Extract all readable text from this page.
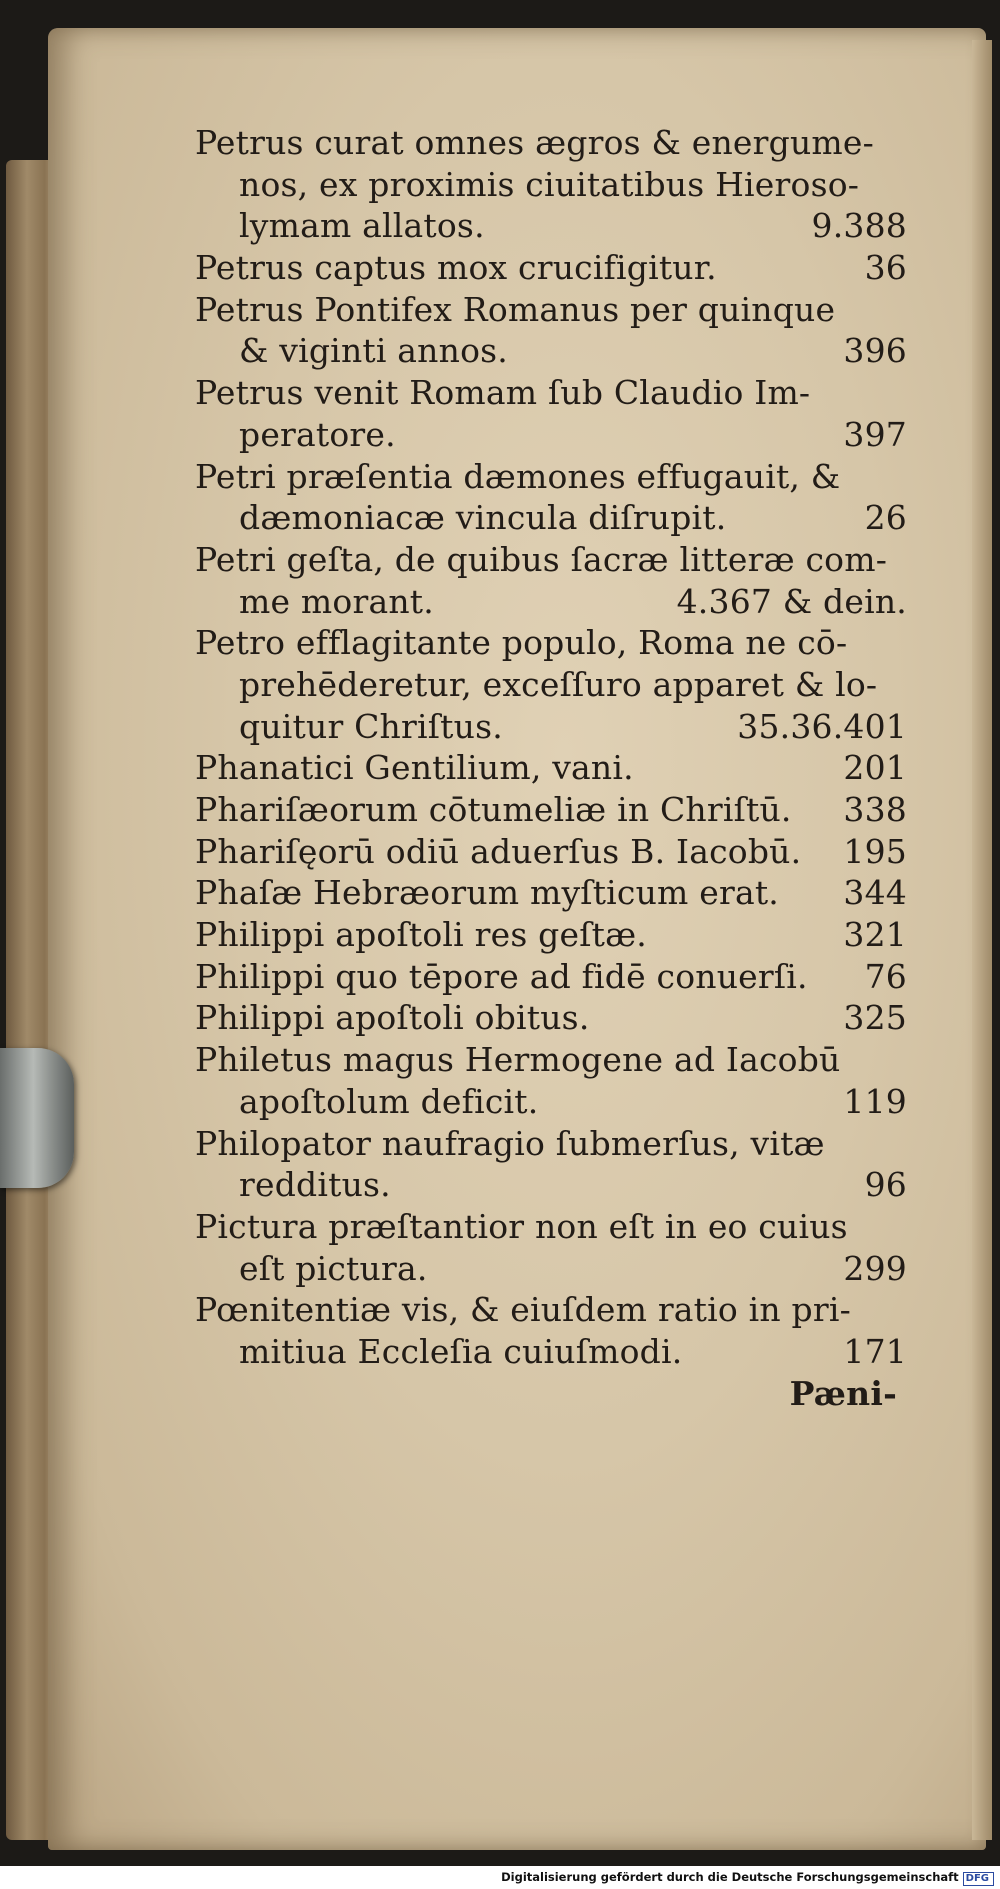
Petrus curat omnes ægros & energume-
nos, ex proximis ciuitatibus Hieroso-
lymam allatos.	9.388
Petrus captus mox crucifigitur.	36
Petrus Pontifex Romanus per quinque
& viginti annos.	396
Petrus venit Romam ſub Claudio Im-
peratore.	397
Petri præſentia dæmones effugauit, &
dæmoniacæ vincula diſrupit.	26
Petri geſta, de quibus ſacræ litteræ com-
me morant.	4.367 & dein.
Petro efflagitante populo, Roma ne cō-
prehēderetur, exceſſuro apparet & lo-
quitur Chriſtus.	35.36.401
Phanatici Gentilium, vani.	201
Phariſæorum cōtumeliæ in Chriſtū. 338
Phariſęorū odiū aduerſus B. Iacobū. 195
Phaſæ Hebræorum myſticum erat. 344
Philippi apoſtoli res geſtæ.	321
Philippi quo tēpore ad fidē conuerſi. 76
Philippi apoſtoli obitus.	325
Philetus magus Hermogene ad Iacobū
apoſtolum deficit.	119
Philopator naufragio ſubmerſus, vitæ
redditus.	96
Pictura præſtantior non eſt in eo cuius
eſt pictura.	299
Pœnitentiæ vis, & eiuſdem ratio in pri-
mitiua Eccleſia cuiuſmodi.	171
Pæni-
Digitalisierung gefördert durch die Deutsche Forschungsgemeinschaft DFG
